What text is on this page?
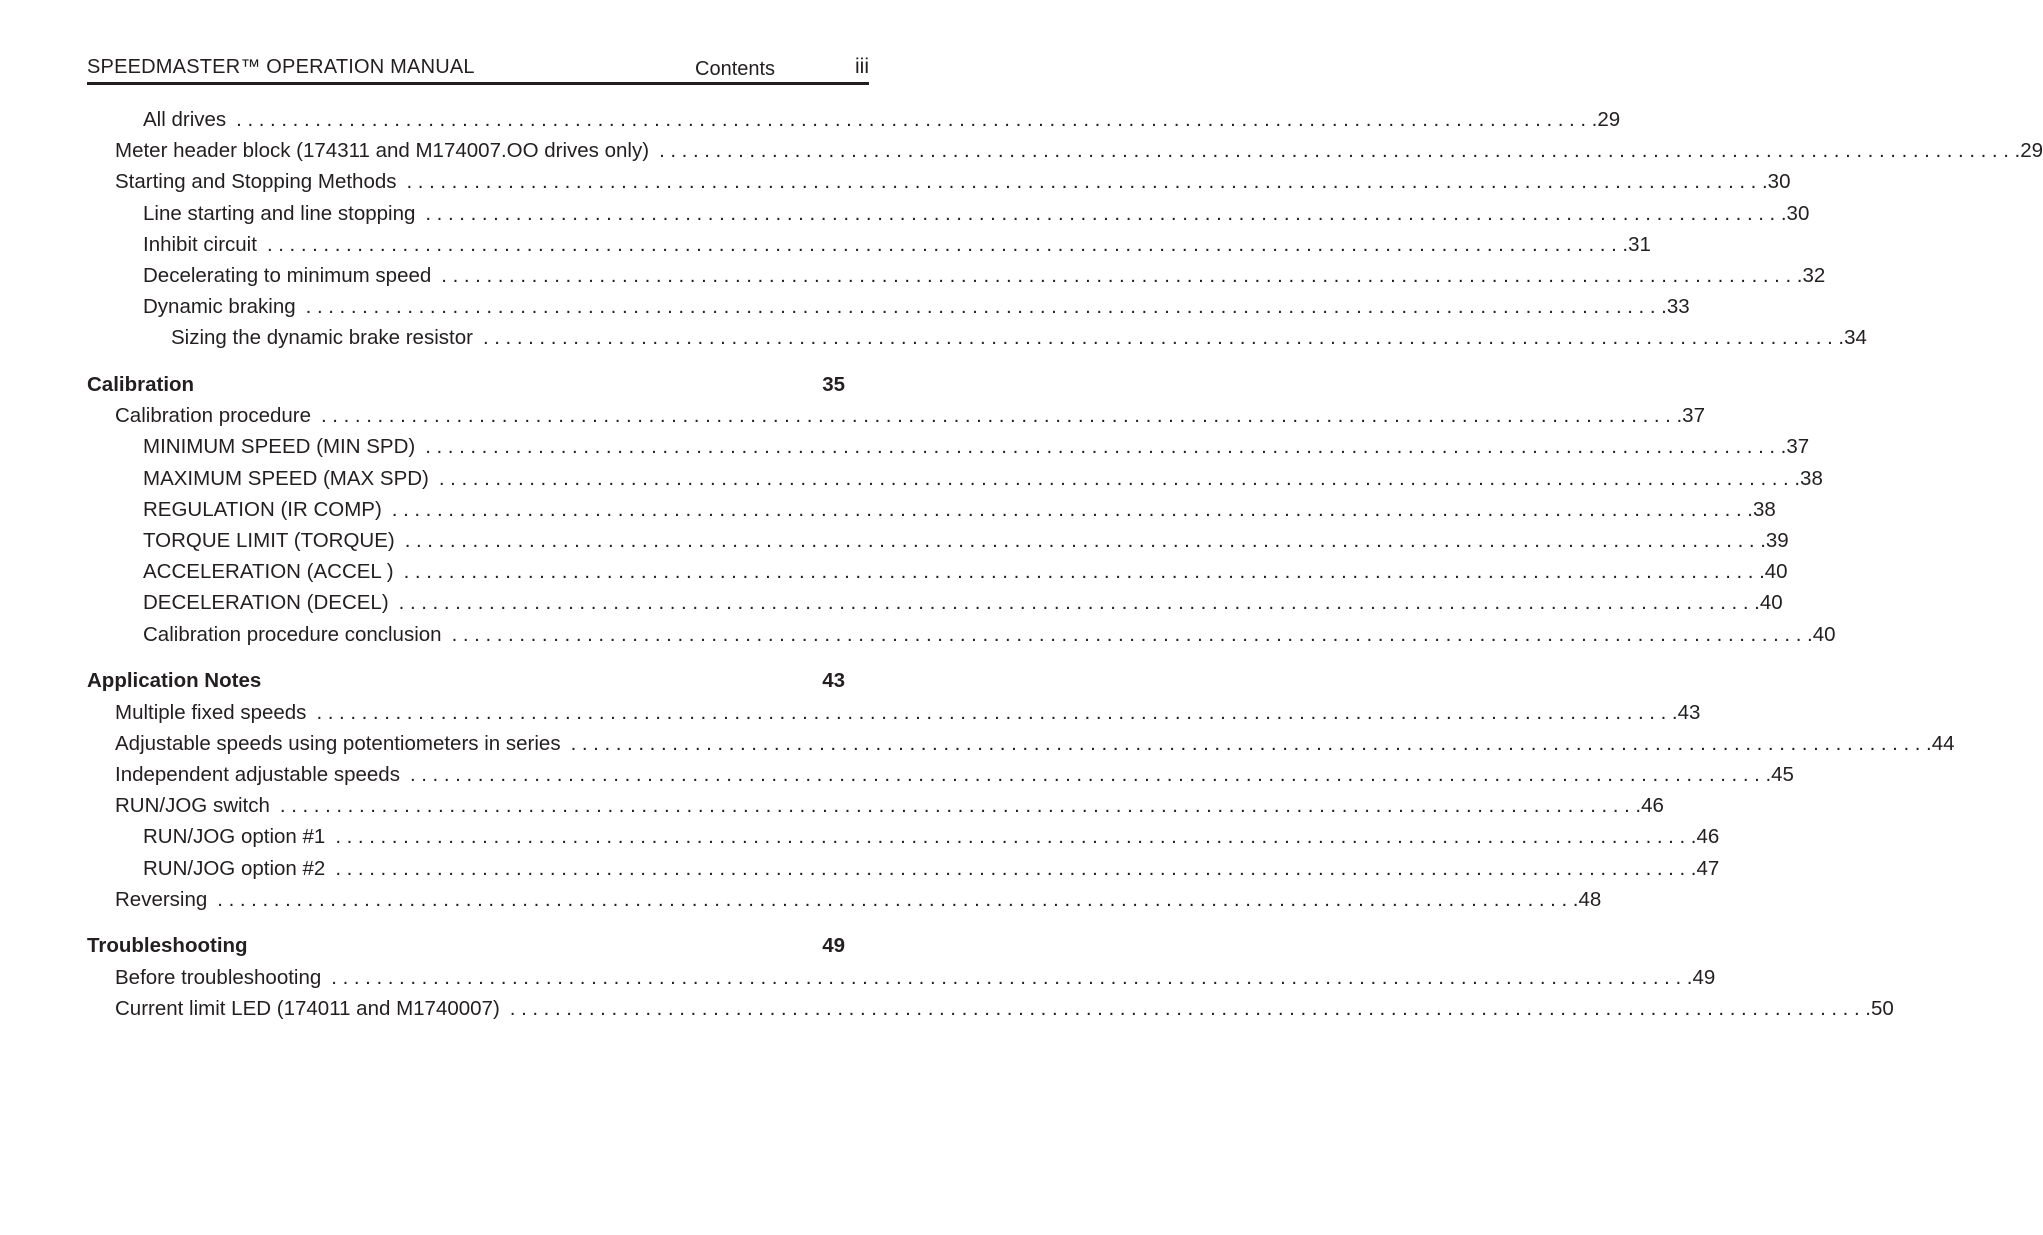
SPEEDMASTER™ OPERATION MANUAL	Contents	iii
All drives ........................................................................................................................ .29
Meter header block (174311 and M174007.OO drives only) ........................................................................................................................ .29
Starting and Stopping Methods ........................................................................................................................ .30
Line starting and line stopping ........................................................................................................................ .30
Inhibit circuit ........................................................................................................................ .31
Decelerating to minimum speed ........................................................................................................................ .32
Dynamic braking ........................................................................................................................ .33
Sizing the dynamic brake resistor ........................................................................................................................ .34
Calibration	35
Calibration procedure ........................................................................................................................ .37
MINIMUM SPEED (MIN SPD) ........................................................................................................................ .37
MAXIMUM SPEED (MAX SPD) ........................................................................................................................ .38
REGULATION (IR COMP) ........................................................................................................................ .38
TORQUE LIMIT (TORQUE) ........................................................................................................................ .39
ACCELERATION (ACCEL ) ........................................................................................................................ .40
DECELERATION (DECEL) ........................................................................................................................ .40
Calibration procedure conclusion ........................................................................................................................ .40
Application Notes	43
Multiple fixed speeds ........................................................................................................................ .43
Adjustable speeds using potentiometers in series ........................................................................................................................ .44
Independent adjustable speeds ........................................................................................................................ .45
RUN/JOG switch ........................................................................................................................ .46
RUN/JOG option #1 ........................................................................................................................ .46
RUN/JOG option #2 ........................................................................................................................ .47
Reversing ........................................................................................................................ .48
Troubleshooting	49
Before troubleshooting ........................................................................................................................ .49
Current limit LED (174011 and M1740007) ........................................................................................................................ .50
